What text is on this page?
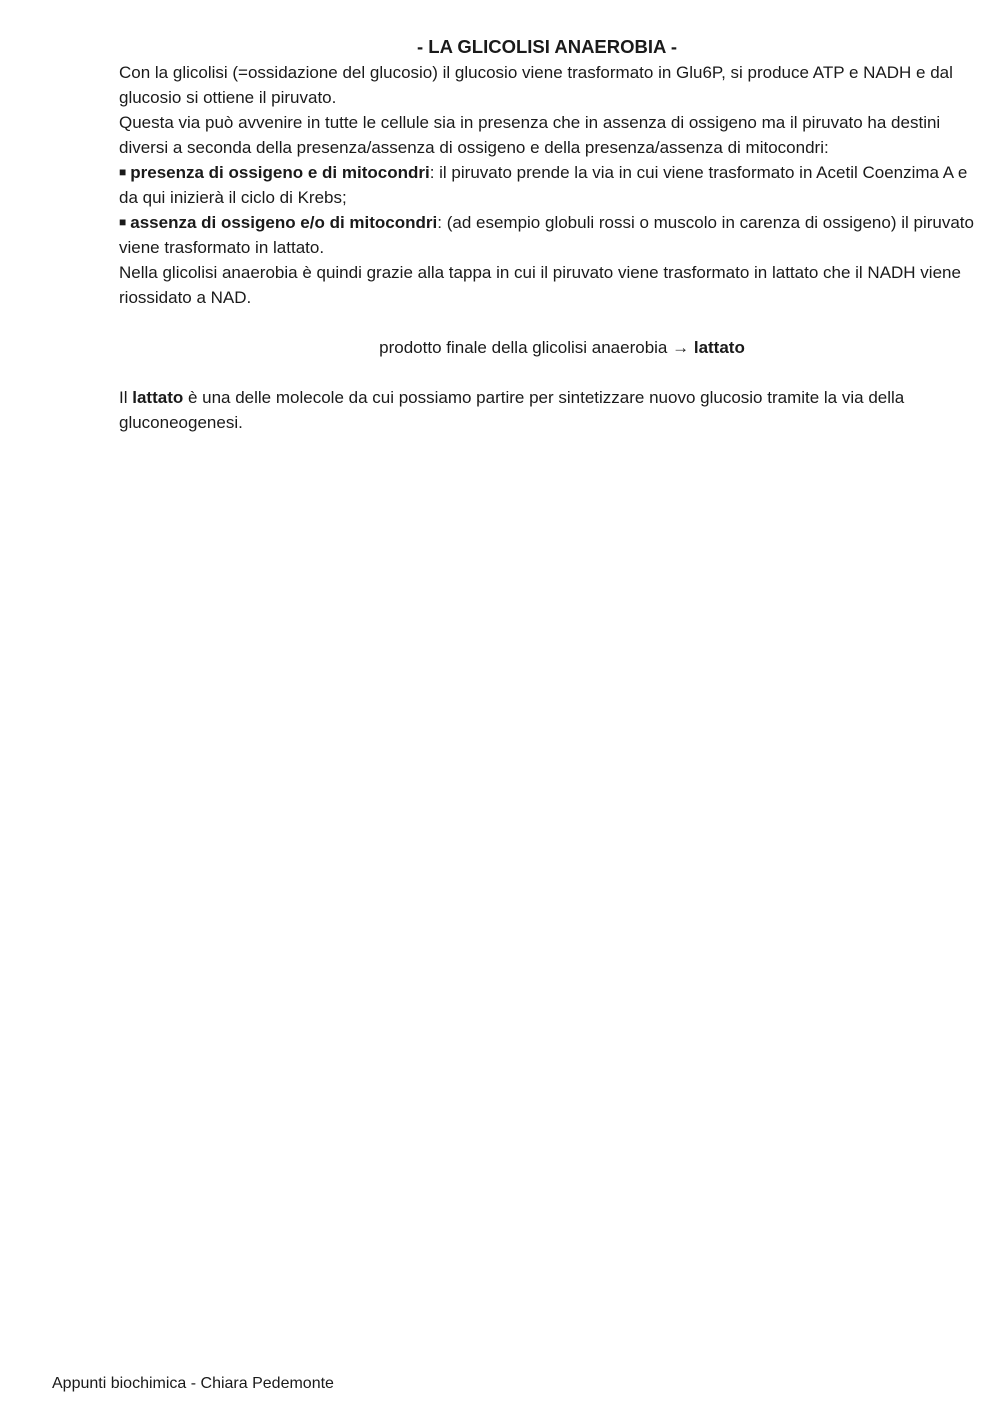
- LA GLICOLISI ANAEROBIA -

Con la glicolisi (=ossidazione del glucosio) il glucosio viene trasformato in Glu6P, si produce ATP e NADH e dal glucosio si ottiene il piruvato.

Questa via può avvenire in tutte le cellule sia in presenza che in assenza di ossigeno ma il piruvato ha destini diversi a seconda della presenza/assenza di ossigeno e della presenza/assenza di mitocondri:

■ presenza di ossigeno e di mitocondri: il piruvato prende la via in cui viene trasformato in Acetil Coenzima A e da qui inizierà il ciclo di Krebs;

■ assenza di ossigeno e/o di mitocondri: (ad esempio globuli rossi o muscolo in carenza di ossigeno) il piruvato viene trasformato in lattato.

Nella glicolisi anaerobia è quindi grazie alla tappa in cui il piruvato viene trasformato in lattato che il NADH viene riossidato a NAD.

prodotto finale della glicolisi anaerobia → lattato

Il lattato è una delle molecole da cui possiamo partire per sintetizzare nuovo glucosio tramite la via della gluconeogenesi.

Appunti biochimica - Chiara Pedemonte
